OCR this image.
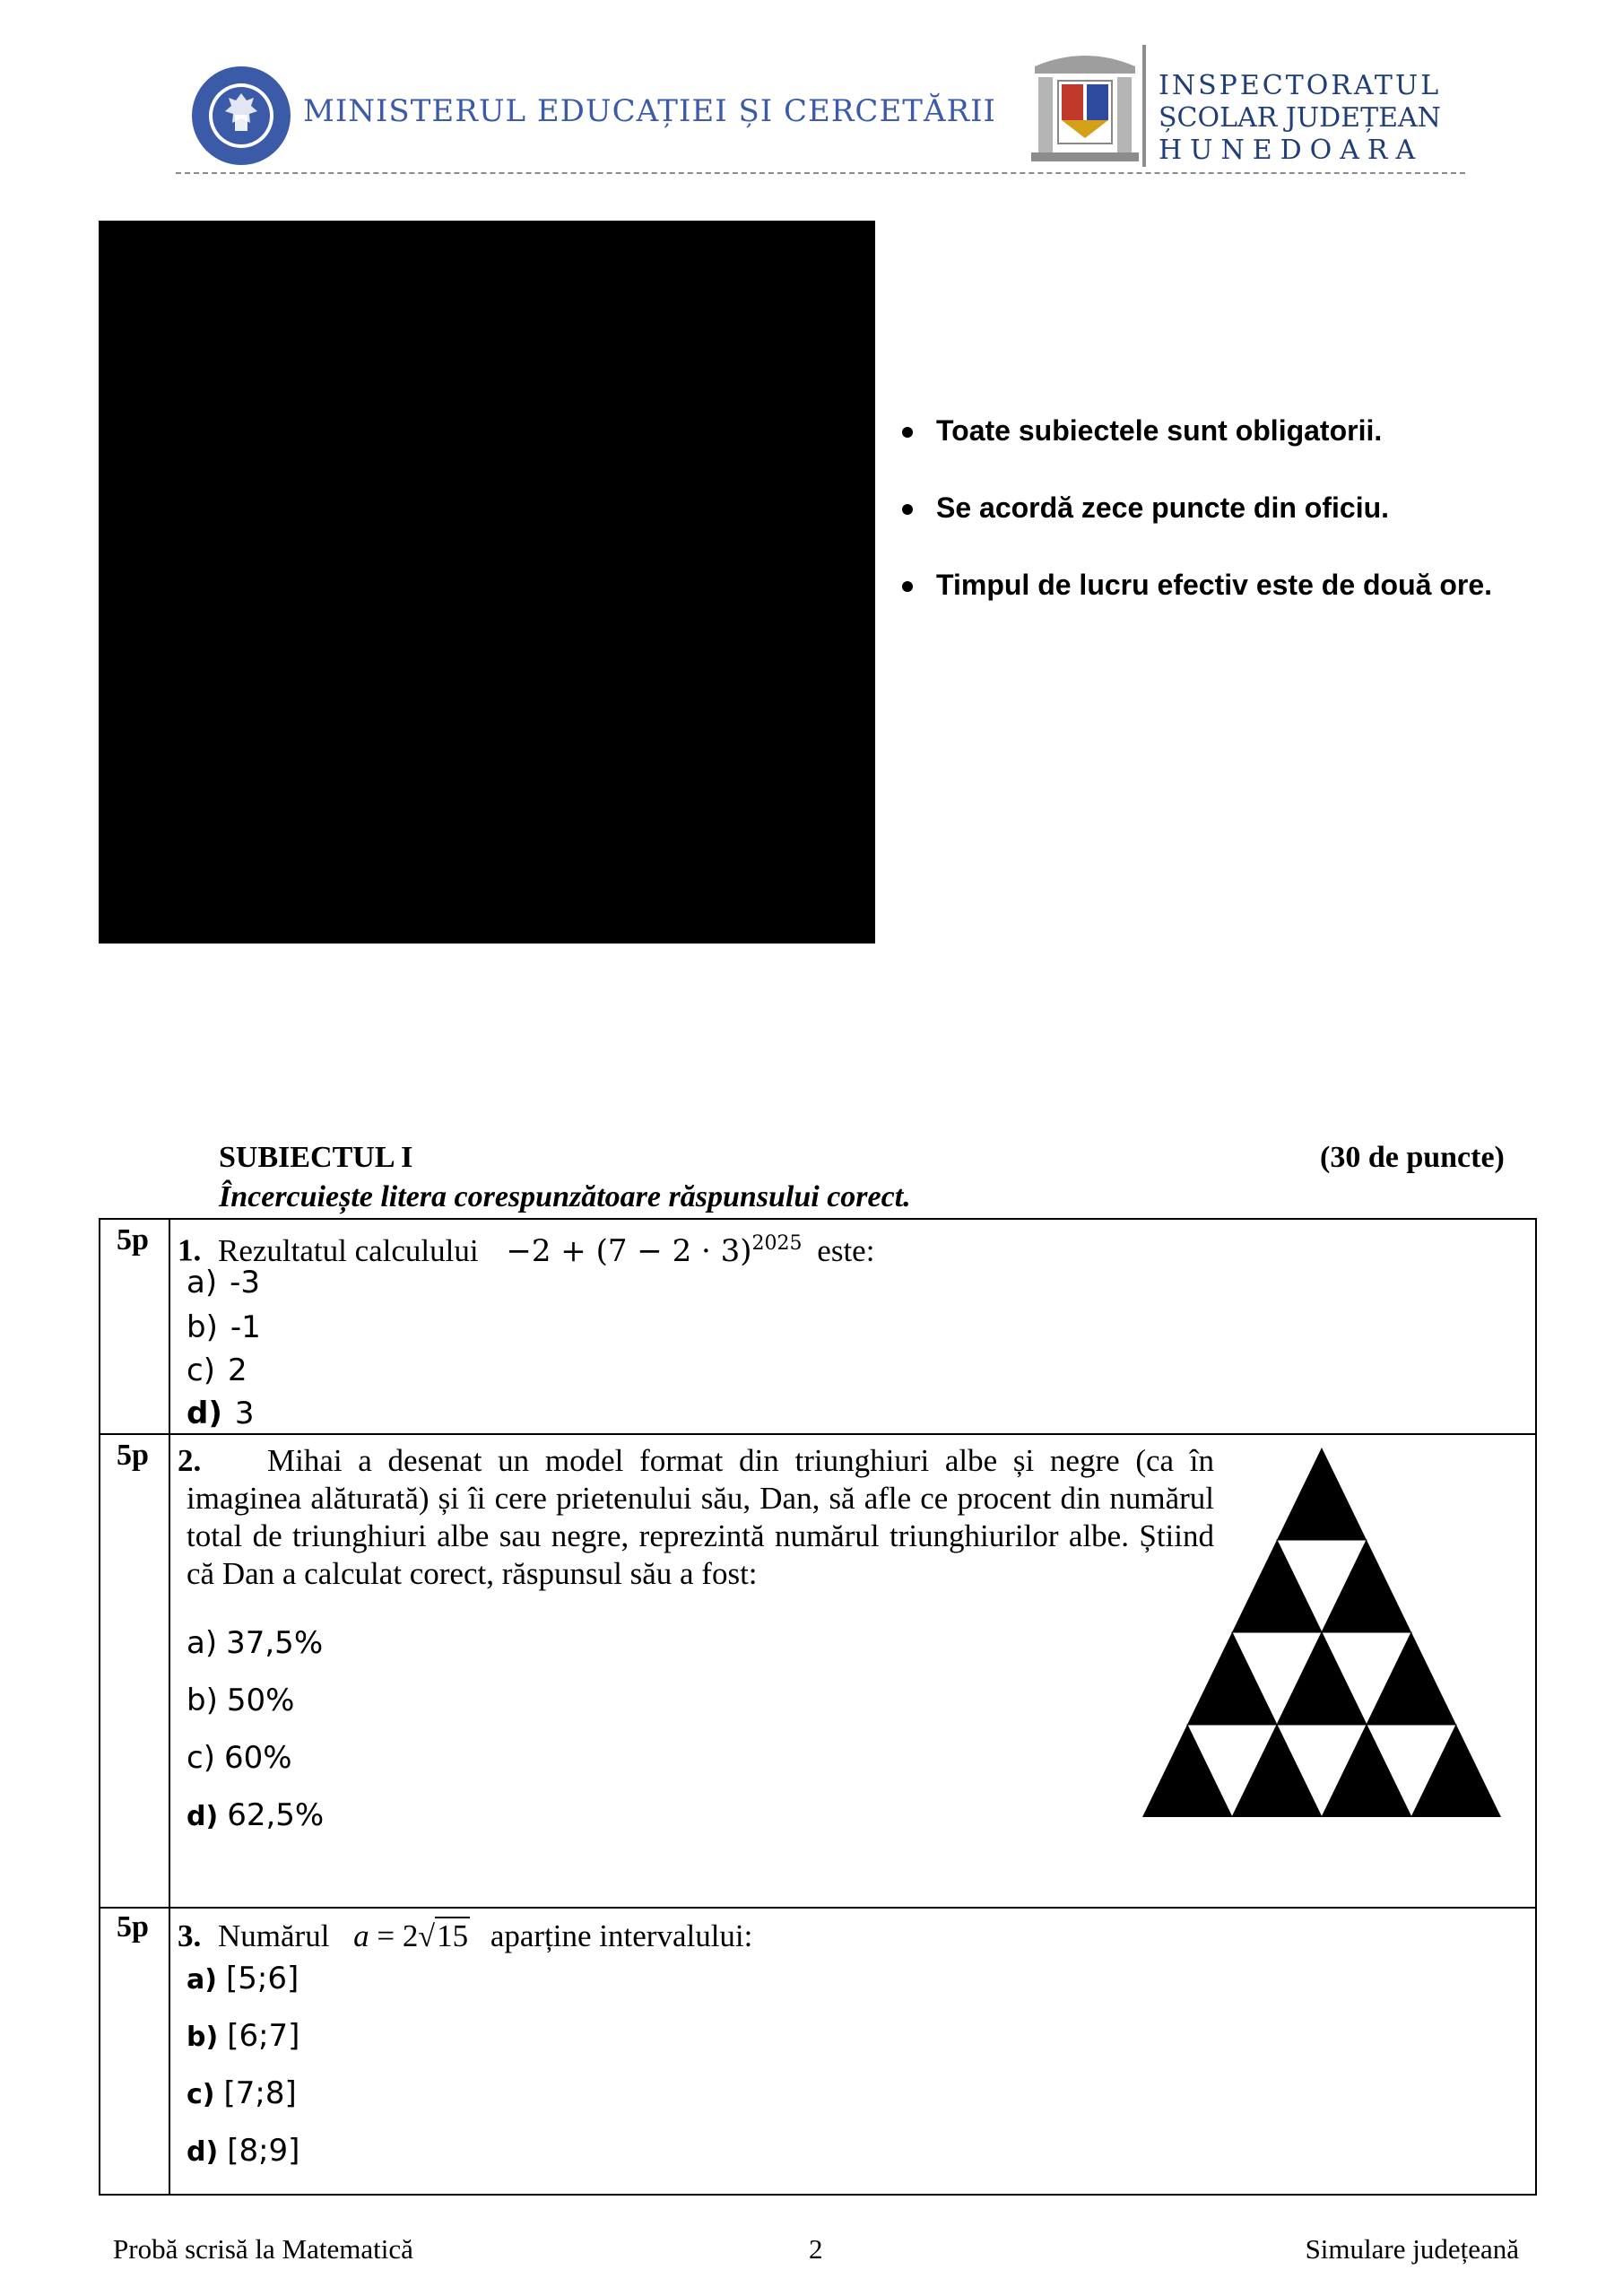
MINISTERUL EDUCAȚIEI ȘI CERCETĂRII
INSPECTORATUL
ȘCOLAR JUDEȚEAN
HUNEDOARA
Toate subiectele sunt obligatorii.
Se acordă zece puncte din oficiu.
Timpul de lucru efectiv este de două ore.
SUBIECTUL I	(30 de puncte)
Încercuiește litera corespunzătoare răspunsului corect.
5p 1. Rezultatul calculului $-2 + (7 - 2 \cdot 3)^{2025}$ este:
a) -3
b) -1
c) 2
d) 3
5p 2.	Mihai a desenat un model format din triunghiuri albe și negre (ca în imaginea alăturată) și îi cere prietenului său, Dan, să afle ce procent din numărul total de triunghiuri albe sau negre, reprezintă numărul triunghiurilor albe. Știind că Dan a calculat corect, răspunsul său a fost:
a) 37,5%
b) 50%
c) 60%
d) 62,5%
5p 3. Numărul a = 2√15 aparține intervalului:
a) [5;6]
b) [6;7]
c) [7;8]
d) [8;9]
Probă scrisă la Matematică	2	Simulare județeană
